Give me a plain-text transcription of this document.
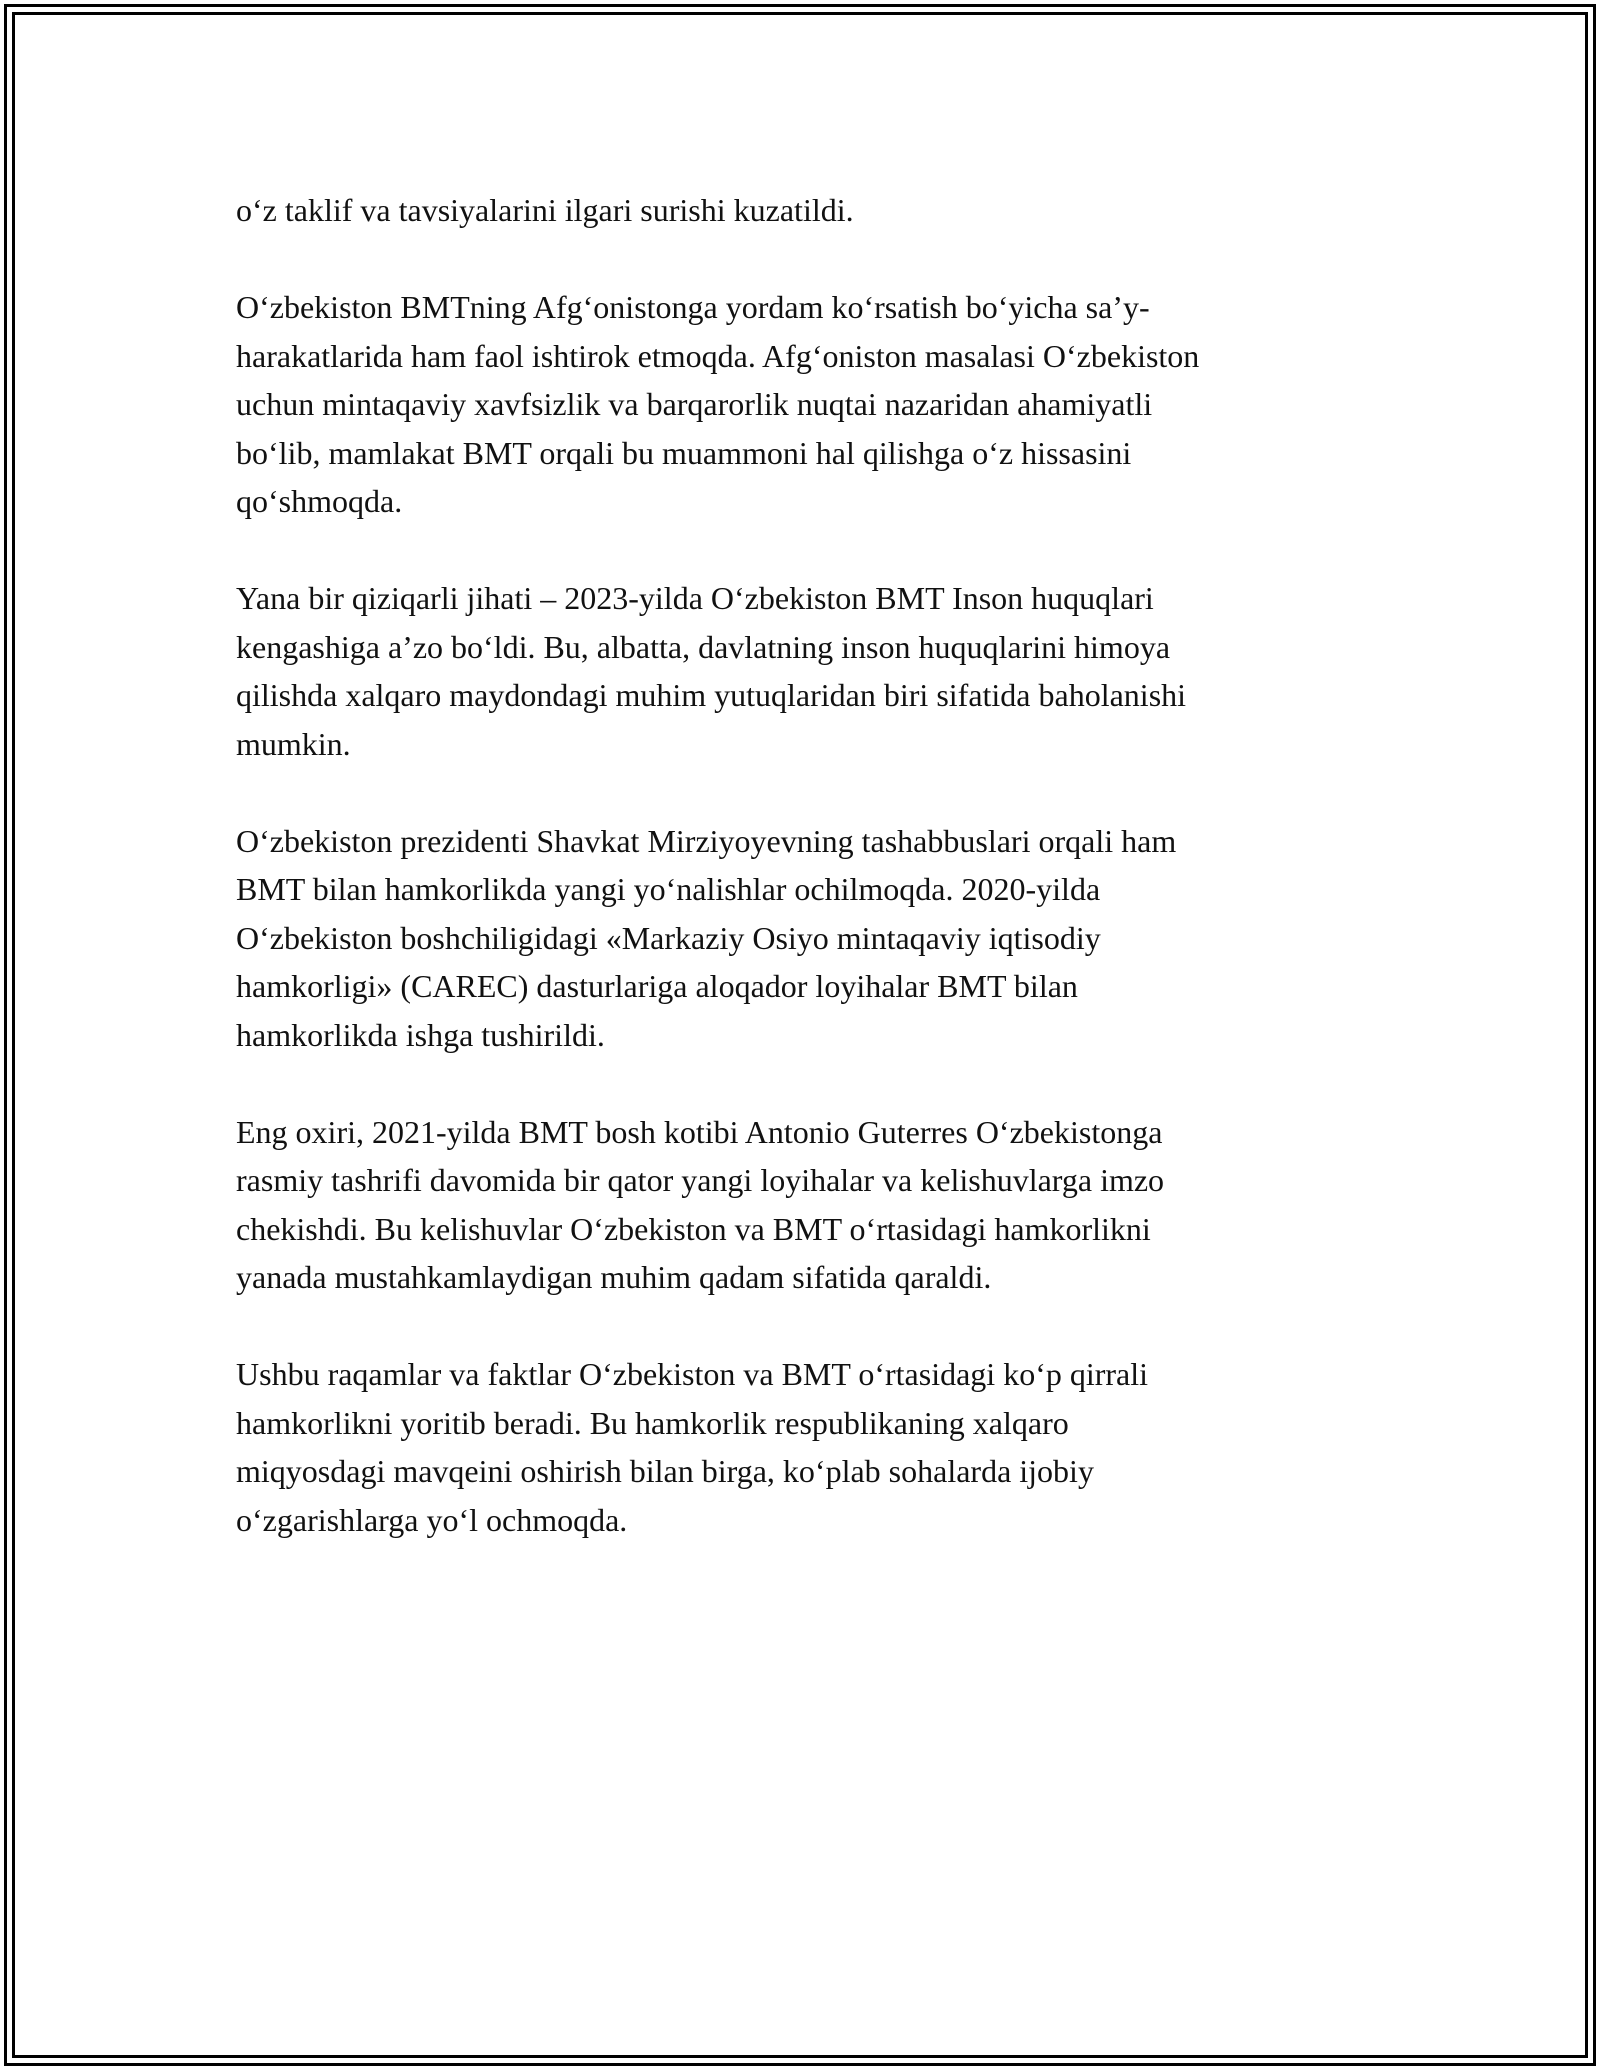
o‘z taklif va tavsiyalarini ilgari surishi kuzatildi.

O‘zbekiston BMTning Afg‘onistonga yordam ko‘rsatish bo‘yicha sa’y-
harakatlarida ham faol ishtirok etmoqda. Afg‘oniston masalasi O‘zbekiston
uchun mintaqaviy xavfsizlik va barqarorlik nuqtai nazaridan ahamiyatli
bo‘lib, mamlakat BMT orqali bu muammoni hal qilishga o‘z hissasini
qo‘shmoqda.

Yana bir qiziqarli jihati – 2023-yilda O‘zbekiston BMT Inson huquqlari
kengashiga a’zo bo‘ldi. Bu, albatta, davlatning inson huquqlarini himoya
qilishda xalqaro maydondagi muhim yutuqlaridan biri sifatida baholanishi
mumkin.

O‘zbekiston prezidenti Shavkat Mirziyoyevning tashabbuslari orqali ham
BMT bilan hamkorlikda yangi yo‘nalishlar ochilmoqda. 2020-yilda
O‘zbekiston boshchiligidagi «Markaziy Osiyo mintaqaviy iqtisodiy
hamkorligi» (CAREC) dasturlariga aloqador loyihalar BMT bilan
hamkorlikda ishga tushirildi.

Eng oxiri, 2021-yilda BMT bosh kotibi Antonio Guterres O‘zbekistonga
rasmiy tashrifi davomida bir qator yangi loyihalar va kelishuvlarga imzo
chekishdi. Bu kelishuvlar O‘zbekiston va BMT o‘rtasidagi hamkorlikni
yanada mustahkamlaydigan muhim qadam sifatida qaraldi.

Ushbu raqamlar va faktlar O‘zbekiston va BMT o‘rtasidagi ko‘p qirrali
hamkorlikni yoritib beradi. Bu hamkorlik respublikaning xalqaro
miqyosdagi mavqeini oshirish bilan birga, ko‘plab sohalarda ijobiy
o‘zgarishlarga yo‘l ochmoqda.
